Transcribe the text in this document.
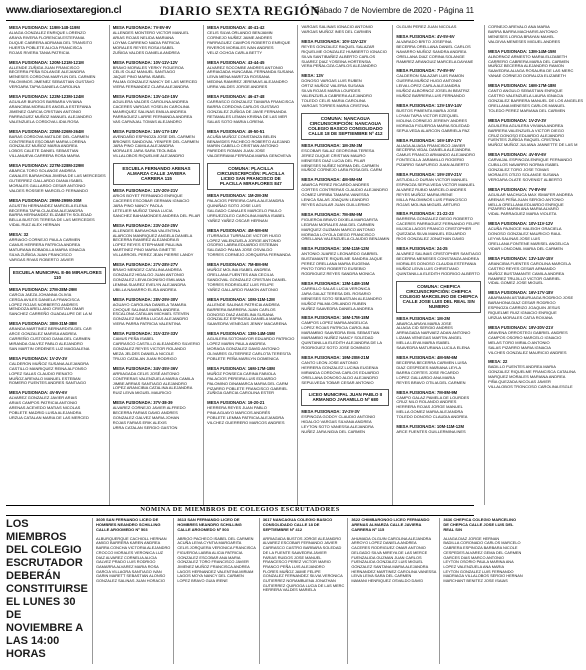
www.diariosextaregion.cl	DIARIO SEXTA REGIÓN
Sábado 7 de Noviembre de 2020 - Página 11
MESA FUSIONADA: 119M-148-119M
ALIAGA GONZALEZ ENRIQUE LORENZO
ARAYA RIVERA FLORENCIA ESTEFANIA
DUQUE CABRERA ADRIANA DEL TRANSITO
HUERTA POBLETE ALICIA FRANCISCA
ROJAS RIVERA TANIA PATRICIA
MESA FUSIONADA: 120M-121M-121M
ALLENDE ZUÑIGA JUAN FRANCISCO
BECERRA PEÑA SOLANGE ALEJANDRA
MENESES CORDOVA MARYLIN DEL CARMEN
PALOMINOS JIMENEZ SEBASTIAN GUSTAVO
VERGARA TAPIA DANIELA CAROLINA
MESA FUSIONADA: 122M-123M-124M
AGUILAR BURGOS BARBARA VIVIANA
ARANCIBIA MORALES ANGELA ESTEFANIA
JIMENEZ GARCIA CRISTIAN ANTONIO
PARRAGUEZ MUÑOZ MANUEL ALEJANDRO
VALENZUELA CORDOVA LIDIA ROSA
MESA FUSIONADA: 225M-226M-264M
BARAS CORDOVA MATILDE DEL CARMEN
CONTRERAS ESCOBAR MARIA LORENA
GONZALEZ MUÑOZ MARIA ANDREA
LOBOS CALETE DANIEL SEBASTIAN
VILLANUEVA CARRERA ROSA MARIA
MESA FUSIONADA: 227M-228M-229M
ABARCA TORO SOLANGE ANDREA
CANALES BARAHONA JIMENA DE LAS MERCEDES
GUTIERREZ GALLARDO DIANA ISABEL
MORALES GALLARDO CESAR ANTONIO
VALDES ROSSIER MARCELO FERNANDO
MESA FUSIONADA: 299M-299M-30M
AGUSTIN HERNANDEZ MARCELA ELENA
BECERRA TAPIA CLAUDIA ALEJANDRA
BARRA HERNANDEZ ELIZABETH SOLEDAD
BELLA BUSTOS TERESA DE LAS MERCEDES
VIDAL RUIZ ALEX HERNAN
MESA: 32
ARRIAGO CORNEJO PAULA CARMEN
CAMUS HERRERA PATRICIA ANDREA
MATURANA BOBADILLA MARIA IGNACIA
SILVA ZUÑIGA JUAN FRANCISCO
VARGAS RIVAS ROBERTO JAVIER
ESCUELA MUNICIPAL E-86 MIRAFLORES 110
MESA FUSIONADA: 27M-28M-29M
CARCIA JAEZA JOHANNA OLIVIA
CERDA AVILES DANIELA FRANCISCA
LOPEZ ROJAS NORBERTO ANDRES
MENDOZA ARELLANO CRISTIAN OMAR
SANCHEZ CARREÑO GUADALUPE DE LA M
MESA FUSIONADA: 30M-31M-38M
ARANDA MARTINEZ BERNARDITA DEL CAR
ARCE GONZALEZ MARISA ANDREA
CARREÑO CUSTODIO DANA DEL CARMEN
MIRANDA GALVEZ PABLO ALEJANDRO
SAN MARTIN ORDENES LUZ MAGDALENA
MESA FUSIONADA: 1V-2V-3V
CALDERON MUÑOZ SUSANA ALEJANDRA
CASTILLO MANRIQUEZ REINA ALFONSO
LOPEZ SALAS CLAUDIO RENATO
MUÑOZ AREVALO MANUEL ESTEBAN
ROMERO FUENTES ANDRES SANTIAGO
MESA FUSIONADA: 4V-5V-6V
ALVAREZ GONZALEZ JAVIER ARIAS
ARIAS CAMPOS PATRICIA ANTONIO
ARENAS ACEVEDO MATIAS NICOLAS
POBLETE MADRID LUISA ALEJANDRA
URZUA CATALAN MARIA DE LAS MERCED
MESA FUSIONADA: 7V-8V-9V
ALLENDES MONTERO VICTOR MANUEL
ARIAS ROJAS NELIDA MARIANA
LOYMA CARRENO NADIA PATRICIA
MORALES REYES ROSA ISABEL
ZUÑIGA VALDES DANIELA ANDREA
MESA FUSIONADA: 10V-11V-12V
BRAVO MORALES YERKY FIGUEROA
CELIS OLAZ MANUEL SANTIAGO
JAQUE PINO MARIA ISABEL
PALMA GONZALEZ NANCY DE LAS MERCED
VIERA FERNANDEZ CLARA ALEJANDRA
MESA FUSIONADA: 13V-14V-15V
AGUILERA VALDES CAROLINA ANDREA
CACERES VARGAS YOSELIN CAROLINA
MANRIQUEZ SALINAS EMILIA ANDREA
PARRAGUEZ LARRE FERNANDA ANDREA
VAS CARVAJAL TOMAS ALEJANDRO
MESA FUSIONADA: 16V-17V-18V
AVENDAÑO ESPINOZA JOSE DEL CARMEN
BRIONES SANDOVAL YENIFER DEL CARMEN
JARA PINO CAMILA ALEJANDRA
MORALES JARA SARA TEOLINDA
VILLALOBOS RIQUELME ALEJANDRO
ESCUELA FERNANDO ARENAS ALMARZA CALLE JAVIERA CARRERA 115
MESA FUSIONADA: 12V-20V-21V
ARIOS BOYET FERNANDO ENRIQUE
CACERES ESCOBAR GERMAN IGNACIO
JARA PINO NANCY PAOLA
LETELIER MUÑOZ TANIA LUCIA
SANCHEZ BAHAMONDES ANDREA DEL PILAR
MESA FUSIONADA: 23V-24V-25V
ALLENDES BARAHONA VALENTINA
ALARCON MANRIQUEZ ANGELA DANIELA
BECERRA RAMIREZ ALEJANDRA B
LOPEZ REYES STEPHANIE PAULINA
MARTINEZ PINO MARIA GINETTE
VILLARROEL PEREZ JEAN PIERRE LANDY
MESA FUSIONADA: 27V-28V-27V
BRAVO MENDEZ CATALINA ANDREA
GONZALEZ HIDALGO JUAN ANTONIO
GONZALEZ LEIVA DIONISIO EMILIANA
LEMINA SUAREZ EVELYN ALEJANDRA
UBILLA NAVARRO ELISA ANDREA
MESA FUSIONADA: 28V-29V-30V
AGUAYO CAROLINA DANIELA TAMARA
CHOQUE SALINAS MARÍA ANDREA
ESCALONA CATALAN MICHAEL STEVEN
GONZALEZ BARRA LUCAS ALEJANDRO
VIERA PARRA PATRICIA VALENTINA
MESA FUSIONADA: 31V-32V-33V
CAMUS PEÑA ISABEL
CARRASCO CASTILLO ALEJANDRO SILVERIO
GONZALEZ REYES VICTOR ROLANDO
MEZA JELDES DANIELA NICOLE
TRUJO CATALAN JUAN RODRIGO
MESA FUSIONADA: 34V-35V-36V
ARRIAGADA CELIS JOSÉ ANTONIO
CONTRERAS VALENZUELA MARIA CAMILA
JIMBE ARRIAS SANTIAGO ALEJANDRO
LOPEZ ARANCIBIA CATALINA ALEJANDRA
RUIZ LEIVA MIGUEL MAURICIO
MESA FUSIONADA: 37V-38-39
ALVAREZ CORNEJO JAVIER ALFREDO
BECERRA FARIAS DAVID ANDRES
GONZALEZ GALVEZ MARIA JOHAN
ROJAS FARIAS ERIK ALEXIS
URRA CATALAN SERGIO GASTON
MESA FUSIONADA: 40-41-42
CELIS SILVA ORLANDO BENJAMIN
CORNEJO NUÑEZ JAIME ANDRES
PARRAGUEZ CAMPOS ROBERTO ENRIQUE
RIVEROS MORALES IVAN ANDRES
VELIZ OCHOA CARLA BETTY
MESA FUSIONADA: 43-44-45
ALVAREZ SOCOMBE ANDRES ANTONIO
ARRIAGADA HUNCABAL FERNANDA SUSANA
LEIVA MENA MARITZA ROSSANA
MEDINA RAMIREZ JEREMIAS ALEJANDRO
URRA VALDES JORGE ANDRES
MESA FUSIONADA: 46-47-48
CARRASCO GONZALEZ TAMARA FRANCISCA
BARRA CORDOVA CARLOS GUSTAVO
GONZALEZ ZUÑIGA DE JAVIE FERNANDA
RETAMALES LEMAN KRISNA DE LAS MER
SALAS SOTO MARIA LORENA
MESA FUSIONADA: 49-50-51
ACUÑA MUÑOZ CONSTANZA BELEN
BENAVIDES PACHECO ROBERTO ALEJAND
MARIN CABELLO CRISTIAN ANTONIO
PAREDES ROMAN JUAN JOSE
VALDERRAMA FERRADA MARIA GENOVEVA
COMUNA: PLACILLA CIRCUNSCRIPCIÓN: PLACILLA LICEO SAN FRANCISCO DE PLACILLA MIRAFLORES 847
MESA FUSIONADA: 1M-2M-3M
PALACIOS PEREIRA CARLA ALEJANDRA
QUINIÑAO SOTO JOSE LUIS
SALGADO CANALES MARCELO PAULO
URRUEZOLEO CAROLINA MARIA ISABEL
YAÑEZ YAÑEZ OSCAR HERNAN
MESA FUSIONADA: 4M-5M-6M
ITURRAGUI TURRALDE VICTOR HUGO
LOPEZ VALENZUELA JORGE ANTONIO
OSORIO LABRA EDUARDO ESTEBAN
SALGADO PALMA JOSE OSVALDO
TORRES CORNEJO JORQUERA FERNANDA
MESA FUSIONADA: 7M-8M-9M
MUÑOZ MOLINA ISABEL ANDREA
ORELLANA FUENTES ANA CECILIA
SANDOVAL GONZALEZ CRISTIAN DANIEL
TORRES RODRIGUEZ LUIS FELIPE
YAÑEZ GALLARDO RAMON ANTONIO
MESA FUSIONADA: 10M-11M-12M
ALLENDE SALINAS PATRICIA ANDREA
BARRERA BARRERA JUAN CARLOS
DONOSO DIAZ ANGELINA SUSANA
GONZALEZ ESPINOSA DANIELA MARIA
SAAVEDRA VENEGAS JENNY MACARENA
MESA FUSIONADA: 13M-14M-15M
AGUILERA SOTOMAYOR EDUARDO PATRICIO
LOPEZ MARIN PAULA ANDREA
MORAGA GONZALEZ DAVID ANTONIO
OLIVARES GUTIERREZ CARLOTA TERESITA
POBLETE PEÑA MARILYN DOMENICA
MESA FUSIONADA: 16M-17M-18M
MUÑOZ FONSECA CARINA FABIOLA
PALACIOS PEREIRA LUIS EDUARDO
PALOMINO DINAMARCA MARIA DEL CARM
PIZARRO POBLETE FRANCISCO GABRIEL
ZUÑIGA GARCIA CAROLINA ESTER
MESA FUSIONADA: 19-20-21
HERRERA REYES JUAN PABLO
PINA AGUAYO MARCOS ANDRÉS
POBLETE LEMMA PATRICIA ALEJANDRA
VILCHEZ GUERRERO MARCOS ANDRES
VARGAS SALINAS IGNACIO ANTONIO
VARGAS MUÑOZ INES DEL CARMEN
MESA FUSIONADA: 10V-11V-12V
REYES GONZALEZ RAQUEL SALAZAR
RIQUELME GONZALEZ HUMBERTO IGNACIO
SILVA SANTIBAÑEZ ALBERTO CARLOS
SUAREZ DIAZ YOSEINA HORTENSIA
VERA PEÑALOZA CARLOS ALEJANDRO
MESA: 13V
DONOSO VARGAS LUIS RUBEN
ORTIZ MUÑOZ VALERIA SUSANA
SILVA ROJAS MARIA LOURDES
VALENZUELA CABRERA ALEJANDRO
TOLEDO CELIS MARIA CAROLINA
VARGAS TORRES MARIA CRISTINA
COMUNA: NANCAGUA CIRCUNSCRIPCIÓN: NANCAGUA COLEGIO BASICO CONSOLIDADO CALLE 18 DE SEPTIEMBRE Nº 412
MESA FUSIONADA: 1M-2M-3M
ESCOBAR SALAZ GEORGINA TERESA
JEREZ DUQUE CRISTIAN MAURO
MENESES DIAZ LUCIA DEL PILAR
MENESES NUÑEZ NORMA DEL CARMEN
MUÑOZ CORNEJO LARA ROSA DEL CARM
MESA FUSIONADA: 4M-5M-6M
ABARCA PEREZ RICARDO ANDRES
CORTES CONTRERAS CLAUDIO ALEJANDRO
GOMEZ URRIBA TAMARA VANESSA
LENICA SALAS JOAQUIN LEANDRO
REYES AGUILAR JUAN GUILLERMO
MESA FUSIONADA: 7M-8M-9M
FIGUEROA BRAVO DIXIELA MARGARITA
LEDRAN MORALES ANA DEL CARMEN
MARQUEZ GUZMAN MARCO ANTONIO
MORAGA LOYOLA DIEGO FRANCISCO
ORELLANA VALENZUELA CLAUDIO BENJAMIN
MESA FUSIONADA: 10M-11M-12M
ANTONIO JUAREZ LEONARDO GABRIEL
BUSTAMANTE RIQUELME SANDRA JAQUE
PEREZ ORELLANA MARIA EUGENIA
PINTO TORO ROBERTO EUSEBIO
RODRIGUEZ REYES SANDRA MONICA
MESA FUSIONADA: 13M-14M-15M
CARRILLO SALAS LUCIA VERONICA
JARA GALAZ TERESA DEL ROSARIO
MENESES SOTO SEBASTIAN ALEJANDRO
MUÑOZ PALMA ORLANDO RUBEN
NUÑEZ SAAVEDRA DANIELA ANDREA
MESA FUSIONADA: 16M-17M-18M
CAMPOS LOPEZ MARIA ANGELICA
LOPEZ ROJAS PATRICIA CAROLINA
MARAMBIO SAAVEDRA EMIL SEBASTIAN
MARAMBIO NUÑEZ NANCY SOLEDAD
QUINTANILLA ELEDITH ALEJANDRA DE LA
RODRIGUEZ SOTO JOSE DOMINGO
MESA FUSIONADA: 19M-20M-21M
CANTO LEON JOSE ANTONIO
HERRERA GONZALEZ LUCINA EUGENIA
MIRANDA CORDOVA CARLOS EDUARDO
ORELLANA DONOSO ALDO ALEJANDRO
SEPULVEDA TOBAR CESAR ANTONIO
LICEO MUNICIPAL JUAN PABLO II ARMANDO JARAMILLO Nº 680
MESA FUSIONADA: 1V-2V-3V
ESPINOZA GODOY CLAUDIO ANTONIO
HIDALGO VARGAS SILVANA ANDREA
LEYTON SOTO VANESSA ALEJANDRA
NUÑEZ JARA NIDIA DEL CARMEN
OLGUIN PEREZ JUAN NICOLAS
MESA FUSIONADA: 4V-5V-6V
ALVARADO BRITO JOSEFINA
BECERRA ORELLANA DANIEL CARLOS
NAVARRO MUÑOZ SANDRA ANDREA
ORELLANA DIAZ CORINA SOLANGE
RAMIREZ ARANGUIZ MARCELA DAYANE
MESA FUSIONADA: 7V-8V-9V
CALDERON SALAZAR LUIS RAMON
GUERRA MUÑOZ HUGO ANTONIO
LEIVA LOPEZ CARLA ALEJANDRA
MUÑOZ ALBORNOZ JOSELIN BEATRIZ
MUÑOZ BARRERA LUIS FERNANDO
MESA FUSIONADA: 13V-15V-14V
BUSTOS PIMIENTA MARIA JOSE
LOYAN TAPIA VICTOR EZEQUIEL
MOLINA CORNEJO JEREMY ANDRES
MORAGA FIGUEROA MARIA SOLEDAD
SEPULVEDA ALARCON GABRIELA PAZ
MESA FUSIONADA: 16V-18V-17V
ALIAGA ALIAGA FRANCISCO JAVIER
BECERRA VIDAL DANIELA ALEJANDRA
CAMUS FRANCO ARMANDO ALEJANDRO
FONTECILLA JARAMILLO ROGERIO
PIZARRO SANFURGO JUAN ALBERTO
MESA FUSIONADA: 19V-20V-21V
ASTUDILLO DURAN VICTOR MANUEL
ESPINOZA SEPULVEDA VICTOR MANUEL
ALVAREZ RUBIO MARCELO ANDRES
REYES MUÑOZ MARIA IRENE
MILLA PALOMINOS LUIS FRANCISCO
ROJAS MOLINA MIGUEL ARTURO
MESA FUSIONADA: 21-22-23
BARRERA GONZALEZ DIEGO ROBERTO
CACERES PARRAGUEZ FERNANDO FELIPE
MUJICA LAGOS FRANCO CRISTOPHER
QUEZADA SILVA MANUEL EDUARDO
RIOS GONZALEZ JONATHAN DAVID
MESA FUSIONADA: 24-25
ALVAREZ SALINAS CRISTOPHER SANTIAGO
BECERRA MENESES CONSTANZA ANDREA
MORALES DONOSO CLAUDIA ESTEFANIA
MUÑOZ LEIVA LUIS CHRISTIANO
QUINTANILLA ELEDITH RODRIGO ALBERTO
COMUNA: CHEPICA CIRCUNSCRIPCIÓN: CHEPICA COLEGIO MARCELINO DE CHEPICA CALLE JOSE LUIS DEL REAL SIN NUMERO
MESA FUSIONADA: 1M-2M
ABARCA ARAYA MARIA JOSE
ALIAGA CID SERGIO ANDRES
ARRIAGADA NARVAEZ ADAN ANTONIO
LIZAMA VENEGAS MARTIN ANGEL
MELLA LEIVA MARIA ISABEL
SAAVEDRA MATURANA LUCILA ELENA
MESA FUSIONADA: 4M-5M-6M
BECERRA BECERRA CARMEN LUISA
DIAZ CESPEDES MARIANA LEYLA
BARRA CORTES JOSE RICARDO
LOPEZ GALLARDO ANA MARIA
REYES BRAVO OTILIA DEL CARMEN
MESA FUSIONADA: 7M-8M-9M
CAMPO GALAZ PAMELA DE LOURDES
CRUZ NILO ROLANDO ANDRES
HERRERA ROJAS JORGE MANUEL
MELLA GOMEZ MARIA ALEJANDRA
TOLEDO DONOSO CLAUDIA ANDREA
MESA FUSIONADA: 10M-11M-12M
ARCE FUENTES GUILLERMINA INES
CORNEJO AREVALO ANA MARIA
BARRA BARRA MACHARIS ANTONIO
MENESES LOROA BRAYAN MAHEL
VALDIVIA MENESES MIGUEL ANDRES
MESA FUSIONADA: 13M-14M-15M
ALBORNOZ ARMESTO MARIA ELIZABETH
CARRERO CABRERA MARIA DEL CARMEN
MUÑOZ BECERRA ALEJANDRO RAMON
SAAVEDRA ALIAGA ROSAURA DE LAS MERC
YANAE CORNEJO DORALIZA ELIZABETH
MESA FUSIONADA: 16M-17M-18M
CANTO ANGULO SEBASTIAN ENRIQUE
CASTRO VALENZUELA LAURA IGNACIA
GONZALEZ BARRERA MANUEL DE LOS ANGELES
ORELLANA MENESES CARLOS MANUEL
TOLEDO PEREZ MARIANA DEL CARMEN
MESA FUSIONADA: 1V-2V-3V
AGUILERA AGUILERA VIVIANA ANDREA
BARRERA VALENZUELA VICTOR DIEGO
CRUZ DONOSO EDUARDO ALEJANDRO
FUENTES ZUÑIGA RAQUEL CRISTINA
MUÑOZ MUÑOZ JULIANA JANNETTE DE LAS M
MESA FUSIONADA: 4V-5V-6V
CARVAJAL ESPINOZA ENRIQUE FERNANDO
CUBILLOS NAVARRO NORMA ISABEL
GONZALEZ TORO JOSE TOMAS
MORALES OTIZO SOLANGE SUSANA
VERGARA OLATE SOVENIDT ALBERTO
MESA FUSIONADA: 7V-8V-9V
AGUILAR MACHUCA MAX ISMAFER ANDREA
ARENAS PEÑA JUAN SERGIO ANTONIO
MELLA ORELLANA EDUARDO ENRIQUE
PIZARRO MARIN ANA MARIA ALVARO
VIDAL PARRAGUEZ MARIA VIOLETA
MESA FUSIONADA: 10V-11V-12V
ACUÑA PAJNOCE HALEIGH GRACIELA
DONOSO GONZALEZ MAURICIO RAUL
LEYVA SALINAS JOSE LUIS
ORELLANA FONTENE MARISEL ANGELICA
VIDAR LONCOMIL MARIA DEL CARMEN
MESA FUSIONADA: 13V-14V-15V
ARANCIBIA FUENTES CAROLINA MARCELA
CASTRO REYES CESAR ARMANDO
MUÑOZ BUSTAMANTE CAMILA ANDREA
RAMIREZ TRUJILLO VICTOR GABRIEL
VIDAL GOMEZ JOSE MIGUEL
MESA FUSIONADA: 16V-17V-18V
ABARMANN ASTABURUAGA RODRIGO JOSE
BARAHONA DIAZ CESAR RODRIGO
ESPINOZA CARRIZO JOAQUIN JESUS
RIQUELME RUIZ IGNACIO ENRIQUE
URZUA MORALES CATIA ROXANA
MESA FUSIONADA: 19V-20V-21V
ARAVENA ORROSTEGI GABRIEL ANDRES
CAMPOS OSORIO MARCELO IGNACIO
MELAS TORO MIRALO ANTONIO
SALAS PIZARRO MARIA IGNACIA
VILCHES GONZALEZ MAURICIO ANDRES
MESA: 22
BADILLO FUENTES ANDREA MARIA
GONZALEZ RIQUELME FRANCISCA CATALINA
MARQUEZ MORALES MARIANA ANDREA
PIÑA QUEZADA NICOLAS JAVIER
VILLALOBOS TRONCOSO CAROLINA ESGLE
NÓMINA DE MIEMBROS DE COLEGIOS ESCRUTADORES
LOS MIEMBROS DEL COLEGIO ESCRUTADOR DEBERÁN CONSTITUIRSE EL LUNES 30 DE NOVIEMBRE A LAS 14:00 HORAS
3605 SAN FERNANDO LICEO DE HOMBRES NEANDRO SCHILLING CALLE ARGOMEDO Nº 503
ALBURQUERQUE CACHIOLL HERNAN
AMIGO BARRERA KAREN ANDREA
BARRA CONCHA VICTORIA ALEJANDRO
CROCCO MORALES VERONICA LUZ
DIAZ ALVAREZ CORNELIA ALICIA
GALVEZ PRADO LUIS RODRIGO
GAMARRA ALVAREZ MARIA ROSA
GARCIA VILLAGRA SANTIAGO IVAN
GARIN MARETT SEBASTIAN ALONSO
GONZALEZ SALINAS JUAN HORACIO
3613 SAN FERNANDO LICEO DE HOMBRES NEANDRO SCHILLING CALLE ARGOMEDO Nº 503
ABRIGO PACHECO ISABEL DEL CARMEN
ACUÑA LEIVA CYNTIA MARGARITA
CELIS JORQUERA VERONICA FRANCISCA
FIGUEROA LABRA ALICIA PATRICIA
GONZALEZ ESCOBAR ANA MARIA
GONZALEZ TORO FRANCISCO JAVIER
JIMENEZ MUÑOZ FRANCISCA ANDREA
LAGOS HERNANDEZ VALENTINA MIRIAM
LAGOS MOYA NANCY DEL CARMEN
LOPEZ BRAVO GUIA IRENE
3617 NANCAGUA COLEGIO BASICO CONSOLIDADO CALLE 18 DE SEPTIEMBRE Nº 412
ARRIAGADA BUSTOS JORGE ALEJANDRO
ALVAREZ ESCOBAR FERNANDO JAVIER
CARRASCO CASTRO BARBARA SOLEDAD
DE LA FUENTE SAAVEDRA JAVIER
FARIAS RUIDOS JOSE MANUEL
FRANCESCO PEREZ VICTOR MARIO
FRANCO PEÑA LUIS ALEJANDRO
FLORES MUÑOZ JAIME FELIPE
GONZALEZ FERNANDEZ SILVIA VERONICA
GUTIERREZ NORAMBUENA JONATHAN
GUTIERREZ QUIROGA LUCIA DE LAS MERC
HERRERA VALDES MARIELA
3622 CHIMBARONGO LICEO FERNANDO ARENAS ALMARZA CALLE JAVIERA CARRERA Nº 115
AHUMADA OLGUIN CAROLINA ALEJANDRA
ARROYO LOPEZ DANIELA ANDREA
CACERES RODRIGUEZ OMAR ANTONIO
DELGADO SILVA MIREYA DE LAS MERCE
FUENZALIDA GUZMAN JUAN CARLOS
FUENZALIDA GONZALEZ LUIS MIGUEL
GONZALEZ SANTANA MARIA ALEJANDRA
HERNANDEZ MARTINEZ CAROLINA VANESSA
LEIVA LEIVA SARA DEL CARMEN
MAMANI HENRIQUEZ OSVALDO DAVID
3636 CHEPICA COLEGIO MARCELINO DE CHEPICA CALLE JOSE LUIS DEL REAL S/N
ALIAGA DIAZ JORGE HERNAN
BADILLA CORONADO CARLOS MARCELO
CABRERA ESPINOZA BARBARA NICOLE
CESPEDES ALVAREZ GEMA DEL CARMEN
GARCES DIAS MARCO ANTONIO
LEYTON OSORIO PAULA MARINA ANA
LOPEZ VALENZUELA ANA MARIA
LEYTON GONZALEZ LUIS FERNANDO
MADRIAGA VILLALOBOS SERGIO HERNAN
MARCHANT BENITEZ JOSE ISAIAS
